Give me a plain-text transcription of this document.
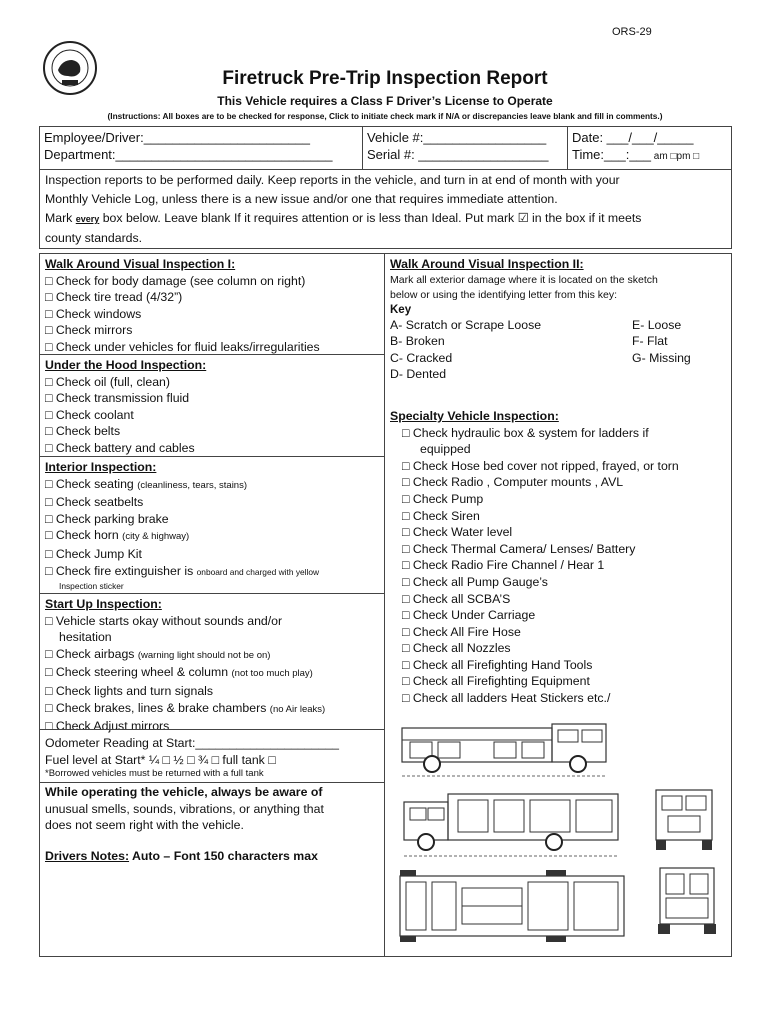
ORS-29
Firetruck Pre-Trip Inspection Report
This Vehicle requires a Class F Driver’s License to Operate
(Instructions: All boxes are to be checked for response, Click to initiate check mark if N/A or discrepancies leave blank and fill in comments.)
Employee/Driver:_______________________
Department:______________________________
Vehicle #:_________________
Serial #: __________________
Date: ___/___/_____
Time:___:___ am □pm □
Inspection reports to be performed daily. Keep reports in the vehicle, and turn in at end of month with your
Monthly Vehicle Log, unless there is a new issue and/or one that requires immediate attention.
Mark every box below. Leave blank If it requires attention or is less than Ideal. Put mark ☑ in the box if it meets
county standards.
Walk Around Visual Inspection I:
□ Check for body damage (see column on right)
□ Check tire tread (4/32”)
□ Check windows
□ Check mirrors
□ Check under vehicles for fluid leaks/irregularities
Under the Hood Inspection:
□ Check oil (full, clean)
□ Check transmission fluid
□ Check coolant
□ Check belts
□ Check battery and cables
Interior Inspection:
□ Check seating (cleanliness, tears, stains)
□ Check seatbelts
□ Check parking brake
□ Check horn (city & highway)
□ Check Jump Kit
□ Check fire extinguisher is onboard and charged with yellow
Inspection sticker
Start Up Inspection:
□ Vehicle starts okay without sounds and/or
hesitation
□ Check airbags (warning light should not be on)
□ Check steering wheel & column (not too much play)
□ Check lights and turn signals
□ Check brakes, lines & brake chambers (no Air leaks)
□ Check Adjust mirrors
Odometer Reading at Start:_____________________
Fuel level at Start* ¼ □ ½ □ ¾ □ full tank □
*Borrowed vehicles must be returned with a full tank
While operating the vehicle, always be aware of
unusual smells, sounds, vibrations, or anything that
does not seem right with the vehicle.
Drivers Notes: Auto – Font 150 characters max
Walk Around Visual Inspection II:
Mark all exterior damage where it is located on the sketch
below or using the identifying letter from this key:
Key
A- Scratch or Scrape Loose	E- Loose
B- Broken	F- Flat
C- Cracked	G- Missing
D- Dented
Specialty Vehicle Inspection:
□ Check hydraulic box & system for ladders if
equipped
□ Check Hose bed cover not ripped, frayed, or torn
□ Check Radio , Computer mounts , AVL
□ Check Pump
□ Check Siren
□ Check Water level
□ Check Thermal Camera/ Lenses/ Battery
□ Check Radio Fire Channel / Hear 1
□ Check all Pump Gauge’s
□ Check all SCBA’S
□ Check Under Carriage
□ Check All Fire Hose
□ Check all Nozzles
□ Check all Firefighting Hand Tools
□ Check all Firefighting Equipment
□ Check all ladders Heat Stickers etc./
